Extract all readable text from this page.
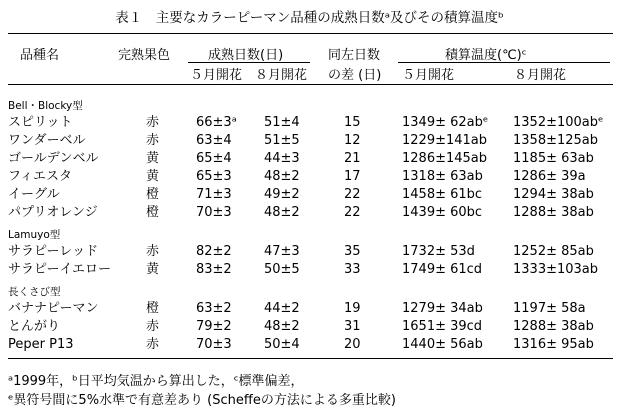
表１　主要なカラーピーマン品種の成熟日数ᵃ及びその積算温度ᵇ
品種名	完熟果色	成熟日数(日)	同左日数	積算温度(℃)ᶜ
５月開花 ８月開花 の差 (日) ５月開花	８月開花
Bell・Blocky型
スピリット	赤	66±3ᵃ 51±4	15	1349± 62abᵉ 1352±100abᵉ
ワンダーベル	赤	63±4 51±5	12	1229±141ab 1358±125ab
ゴールデンベル	黄	65±4 44±3	21	1286±145ab 1185± 63ab
フィエスタ	黄	65±3 48±2	17	1318± 63ab 1286± 39a
イーグル	橙	71±3 49±2	22	1458± 61bc 1294± 38ab
パプリオレンジ	橙	70±3 48±2	22	1439± 60bc 1288± 38ab
Lamuyo型
サラピーレッド	赤	82±2 47±3	35	1732± 53d	1252± 85ab
サラピーイエロー	黄	83±2 50±5	33	1749± 61cd 1333±103ab
長くさび型
バナナピーマン	橙	63±2 44±2	19	1279± 34ab 1197± 58a
とんがり	赤	79±2 48±2	31	1651± 39cd 1288± 38ab
Peper P13	赤	70±3 50±4	20	1440± 56ab 1316± 95ab
ᵃ1999年，ᵇ日平均気温から算出した，ᶜ標準偏差，
ᵉ異符号間に5%水準で有意差あり (Scheffeの方法による多重比較)
